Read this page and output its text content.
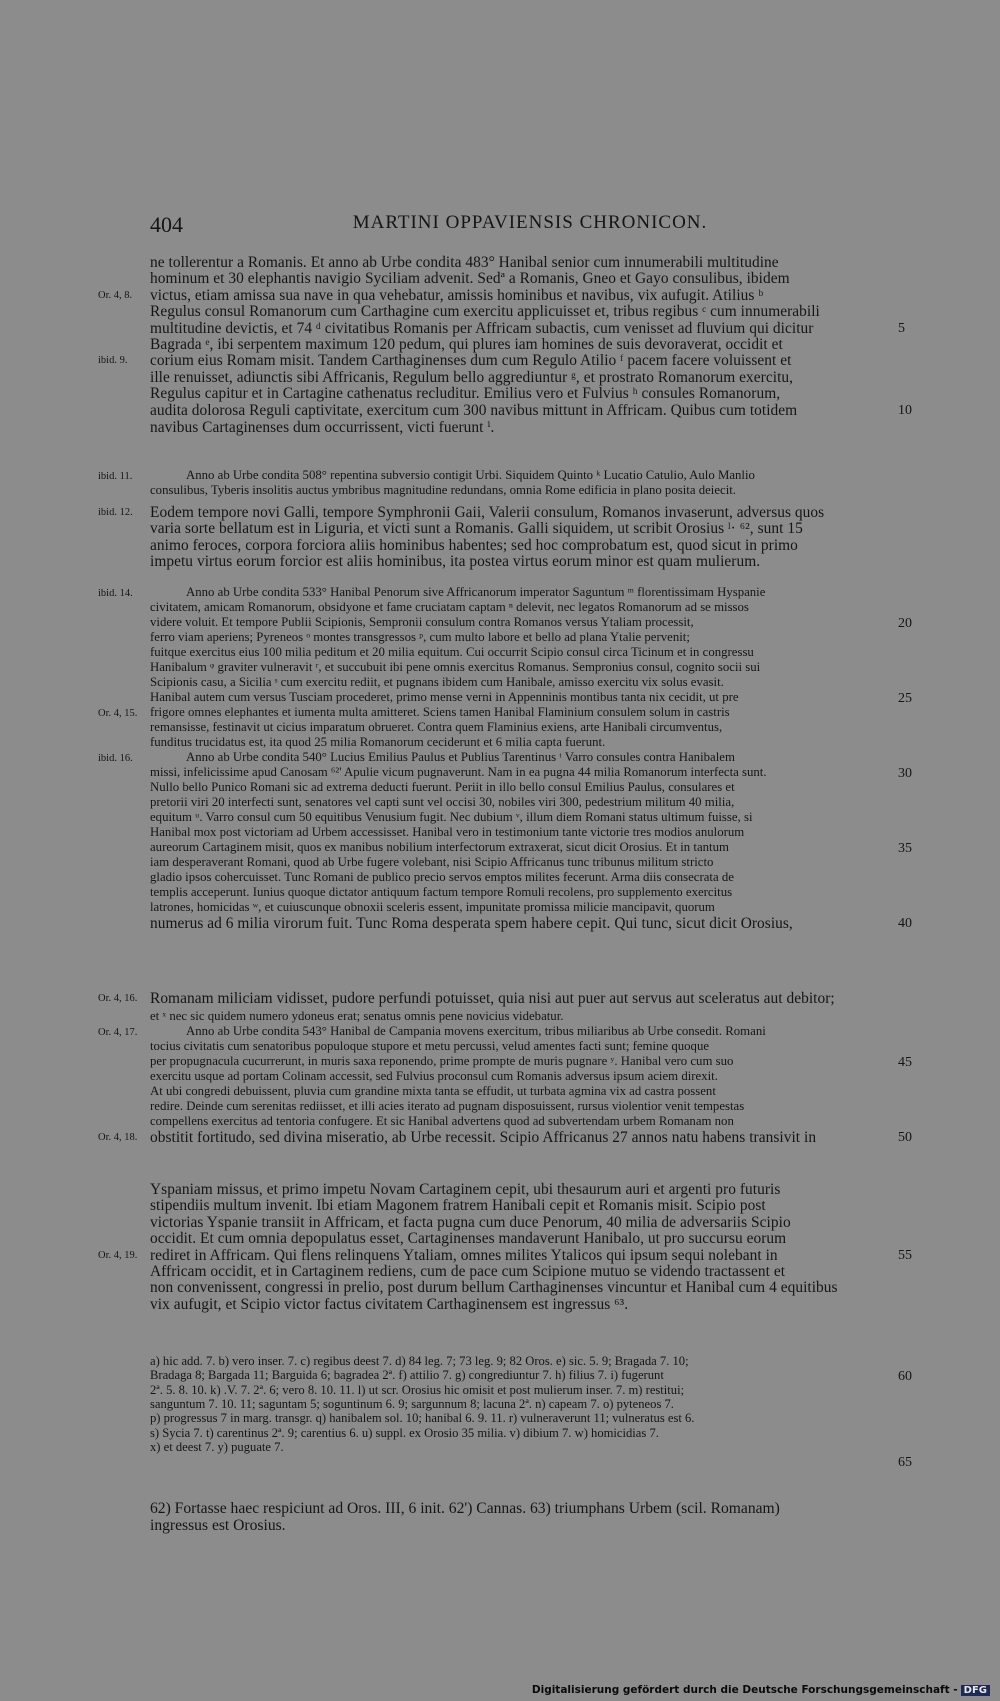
404	MARTINI OPPAVIENSIS CHRONICON.
ne tollerentur a Romanis. Et anno ab Urbe condita 483° Hanibal senior cum innumerabili multitudine
hominum et 30 elephantis navigio Syciliam advenit. Sedª a Romanis, Gneo et Gayo consulibus, ibidem
victus, etiam amissa sua nave in qua vehebatur, amissis hominibus et navibus, vix aufugit. Atilius ᵇ
Or. 4, 8.
Regulus consul Romanorum cum Carthagine cum exercitu applicuisset et, tribus regibus ᶜ cum innumerabili
multitudine devictis, et 74 ᵈ civitatibus Romanis per Affricam subactis, cum venisset ad fluvium qui dicitur	5
Bagrada ᵉ, ibi serpentem maximum 120 pedum, qui plures iam homines de suis devoraverat, occidit et
corium eius Romam misit. Tandem Carthaginenses dum cum Regulo Atilio ᶠ pacem facere voluissent et
ibid. 9.
ille renuisset, adiunctis sibi Affricanis, Regulum bello aggrediuntur ᵍ, et prostrato Romanorum exercitu,
Regulus capitur et in Cartagine cathenatus recluditur. Emilius vero et Fulvius ʰ consules Romanorum,
audita dolorosa Reguli captivitate, exercitum cum 300 navibus mittunt in Affricam. Quibus cum totidem	10
navibus Cartaginenses dum occurrissent, victi fuerunt ⁱ.
Anno ab Urbe condita 508° repentina subversio contigit Urbi. Siquidem Quinto ᵏ Lucatio Catulio, Aulo Manlio
ibid. 11.
consulibus, Tyberis insolitis auctus ymbribus magnitudine redundans, omnia Rome edificia in plano posita deiecit.
Eodem tempore novi Galli, tempore Symphronii Gaii, Valerii consulum, Romanos invaserunt, adversus quos
ibid. 12.
varia sorte bellatum est in Liguria, et victi sunt a Romanis. Galli siquidem, ut scribit Orosius ˡ· ⁶², sunt 15
animo feroces, corpora forciora aliis hominibus habentes; sed hoc comprobatum est, quod sicut in primo
impetu virtus eorum forcior est aliis hominibus, ita postea virtus eorum minor est quam mulierum.
Anno ab Urbe condita 533° Hanibal Penorum sive Affricanorum imperator Saguntum ᵐ florentissimam Hyspanie
ibid. 14.
civitatem, amicam Romanorum, obsidyone et fame cruciatam captam ⁿ delevit, nec legatos Romanorum ad se missos
videre voluit. Et tempore Publii Scipionis, Sempronii consulum contra Romanos versus Ytaliam processit,	20
ferro viam aperiens; Pyreneos ᵒ montes transgressos ᵖ, cum multo labore et bello ad plana Ytalie pervenit;
fuitque exercitus eius 100 milia peditum et 20 milia equitum. Cui occurrit Scipio consul circa Ticinum et in congressu
Hanibalum ᵠ graviter vulneravit ʳ, et succubuit ibi pene omnis exercitus Romanus. Sempronius consul, cognito socii sui
Scipionis casu, a Sicilia ˢ cum exercitu rediit, et pugnans ibidem cum Hanibale, amisso exercitu vix solus evasit.
Hanibal autem cum versus Tusciam procederet, primo mense verni in Appenninis montibus tanta nix cecidit, ut pre	25
frigore omnes elephantes et iumenta multa amitteret. Sciens tamen Hanibal Flaminium consulem solum in castris
Or. 4, 15.
remansisse, festinavit ut cicius imparatum obrueret. Contra quem Flaminius exiens, arte Hanibali circumventus,
funditus trucidatus est, ita quod 25 milia Romanorum ceciderunt et 6 milia capta fuerunt.
Anno ab Urbe condita 540° Lucius Emilius Paulus et Publius Tarentinus ᵗ Varro consules contra Hanibalem
ibid. 16.
missi, infelicissime apud Canosam ⁶²' Apulie vicum pugnaverunt. Nam in ea pugna 44 milia Romanorum interfecta sunt.	30
Nullo bello Punico Romani sic ad extrema deducti fuerunt. Periit in illo bello consul Emilius Paulus, consulares et
pretorii viri 20 interfecti sunt, senatores vel capti sunt vel occisi 30, nobiles viri 300, pedestrium militum 40 milia,
equitum ᵘ. Varro consul cum 50 equitibus Venusium fugit. Nec dubium ᵛ, illum diem Romani status ultimum fuisse, si
Hanibal mox post victoriam ad Urbem accessisset. Hanibal vero in testimonium tante victorie tres modios anulorum
aureorum Cartaginem misit, quos ex manibus nobilium interfectorum extraxerat, sicut dicit Orosius. Et in tantum	35
iam desperaverant Romani, quod ab Urbe fugere volebant, nisi Scipio Affricanus tunc tribunus militum stricto
gladio ipsos cohercuisset. Tunc Romani de publico precio servos emptos milites fecerunt. Arma diis consecrata de
templis acceperunt. Iunius quoque dictator antiquum factum tempore Romuli recolens, pro supplemento exercitus
latrones, homicidas ʷ, et cuiuscunque obnoxii sceleris essent, impunitate promissa milicie mancipavit, quorum
numerus ad 6 milia virorum fuit. Tunc Roma desperata spem habere cepit. Qui tunc, sicut dicit Orosius,	40
Romanam miliciam vidisset, pudore perfundi potuisset, quia nisi aut puer aut servus aut sceleratus aut debitor;
Or. 4, 16.
et ˣ nec sic quidem numero ydoneus erat; senatus omnis pene novicius videbatur.
Anno ab Urbe condita 543° Hanibal de Campania movens exercitum, tribus miliaribus ab Urbe consedit. Romani
Or. 4, 17.
tocius civitatis cum senatoribus populoque stupore et metu percussi, velud amentes facti sunt; femine quoque
per propugnacula cucurrerunt, in muris saxa reponendo, prime prompte de muris pugnare ʸ. Hanibal vero cum suo	45
exercitu usque ad portam Colinam accessit, sed Fulvius proconsul cum Romanis adversus ipsum aciem direxit.
At ubi congredi debuissent, pluvia cum grandine mixta tanta se effudit, ut turbata agmina vix ad castra possent
redire. Deinde cum serenitas rediisset, et illi acies iterato ad pugnam disposuissent, rursus violentior venit tempestas
compellens exercitus ad tentoria confugere. Et sic Hanibal advertens quod ad subvertendam urbem Romanam non
obstitit fortitudo, sed divina miseratio, ab Urbe recessit. Scipio Affricanus 27 annos natu habens transivit in
Or. 4, 18.	50
Yspaniam missus, et primo impetu Novam Cartaginem cepit, ubi thesaurum auri et argenti pro futuris
stipendiis multum invenit. Ibi etiam Magonem fratrem Hanibali cepit et Romanis misit. Scipio post
victorias Yspanie transiit in Affricam, et facta pugna cum duce Penorum, 40 milia de adversariis Scipio
occidit. Et cum omnia depopulatus esset, Cartaginenses mandaverunt Hanibalo, ut pro succursu eorum
rediret in Affricam. Qui flens relinquens Ytaliam, omnes milites Ytalicos qui ipsum sequi nolebant in
Or. 4, 19.	55
Affricam occidit, et in Cartaginem rediens, cum de pace cum Scipione mutuo se videndo tractassent et
non convenissent, congressi in prelio, post durum bellum Carthaginenses vincuntur et Hanibal cum 4 equitibus
vix aufugit, et Scipio victor factus civitatem Carthaginensem est ingressus ⁶³.
a) hic add. 7. b) vero inser. 7. c) regibus deest 7. d) 84 leg. 7; 73 leg. 9; 82 Oros. e) sic. 5. 9; Bragada 7. 10;
Bradaga 8; Bargada 11; Barguida 6; bagradea 2ª. f) attilio 7. g) congrediuntur 7. h) filius 7. i) fugerunt	60
2ª. 5. 8. 10. k) .V. 7. 2ª. 6; vero 8. 10. 11. l) ut scr. Orosius hic omisit et post mulierum inser. 7. m) restitui;
sanguntum 7. 10. 11; saguntam 5; soguntinum 6. 9; sargunnum 8; lacuna 2ª. n) capeam 7. o) pyteneos 7.
p) progressus 7 in marg. transgr. q) hanibalem sol. 10; hanibal 6. 9. 11. r) vulneraverunt 11; vulneratus est 6.
s) Sycia 7. t) carentinus 2ª. 9; carentius 6. u) suppl. ex Orosio 35 milia. v) dibium 7. w) homicidias 7.
x) et deest 7. y) puguate 7.
65
62) Fortasse haec respiciunt ad Oros. III, 6 init. 62') Cannas. 63) triumphans Urbem (scil. Romanam)
ingressus est Orosius.
Digitalisierung gefördert durch die Deutsche Forschungsgemeinschaft - DFG
